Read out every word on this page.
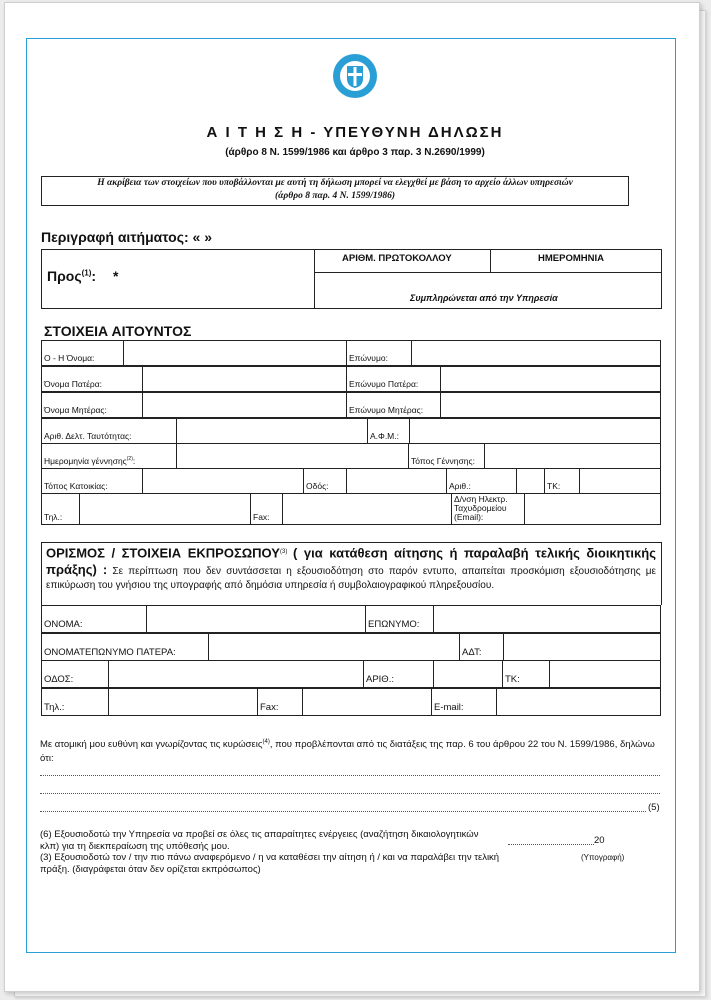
Α Ι Τ Η Σ Η - ΥΠΕΥΘΥΝΗ ΔΗΛΩΣΗ
(άρθρο 8 Ν. 1599/1986 και άρθρο 3 παρ. 3 Ν.2690/1999)
Η ακρίβεια των στοιχείων που υποβάλλονται με αυτή τη δήλωση μπορεί να ελεγχθεί με βάση το αρχείο άλλων υπηρεσιών
(άρθρο 8 παρ. 4 Ν. 1599/1986)
Περιγραφή αιτήματος: « »
Προς$^{(1)}$: *
ΑΡΙΘΜ. ΠΡΩΤΟΚΟΛΛΟΥ	ΗΜΕΡΟΜΗΝΙΑ
Συμπληρώνεται από την Υπηρεσία
ΣΤΟΙΧΕΙΑ ΑΙΤΟΥΝΤΟΣ
Ο - Η Όνομα:		Επώνυμο:	
Όνομα Πατέρα:		Επώνυμο Πατέρα:	
Όνομα Μητέρας:		Επώνυμο Μητέρας:	
Αριθ. Δελτ. Ταυτότητας:		Α.Φ.Μ.:	
Ημερομηνία γέννησης$^{(2)}$:		Τόπος Γέννησης:	
Τόπος Κατοικίας:		Οδός:		Αριθ.:		ΤΚ:	
Τηλ.:		Fax:		Δ/νση Ηλεκτρ. Ταχυδρομείου (Email):	
ΟΡΙΣΜΟΣ / ΣΤΟΙΧΕΙΑ ΕΚΠΡΟΣΩΠΟΥ$^{(3)}$ ( για κατάθεση αίτησης ή παραλαβή τελικής διοικητικής πράξης) : Σε περίπτωση που δεν συντάσσεται η εξουσιοδότηση στο παρόν εντυπο, απαιτείται προσκόμιση εξουσιοδότησης με επικύρωση του γνήσιου της υπογραφής από δημόσια υπηρεσία ή συμβολαιογραφικού πληρεξουσίου.
ΟΝΟΜΑ:		ΕΠΩΝΥΜΟ:	
ΟΝΟΜΑΤΕΠΩΝΥΜΟ ΠΑΤΕΡΑ:		ΑΔΤ:	
ΟΔΟΣ:		ΑΡΙΘ.:		ΤΚ:	
Τηλ.:		Fax:		E-mail:	
Με ατομική μου ευθύνη και γνωρίζοντας τις κυρώσεις$^{(4)}$, που προβλέπονται από τις διατάξεις της παρ. 6 του άρθρου 22 του Ν. 1599/1986, δηλώνω ότι:
(5)
(6) Εξουσιοδοτώ την Υπηρεσία να προβεί σε όλες τις απαραίτητες ενέργειες (αναζήτηση δικαιολογητικών κλπ) για τη διεκπεραίωση της υπόθεσής μου.
(3) Εξουσιοδοτώ τον / την πιο πάνω αναφερόμενο / η να καταθέσει την αίτηση ή / και να παραλάβει την τελική πράξη. (διαγράφεται όταν δεν ορίζεται εκπρόσωπος)
20
(Υπογραφή)
